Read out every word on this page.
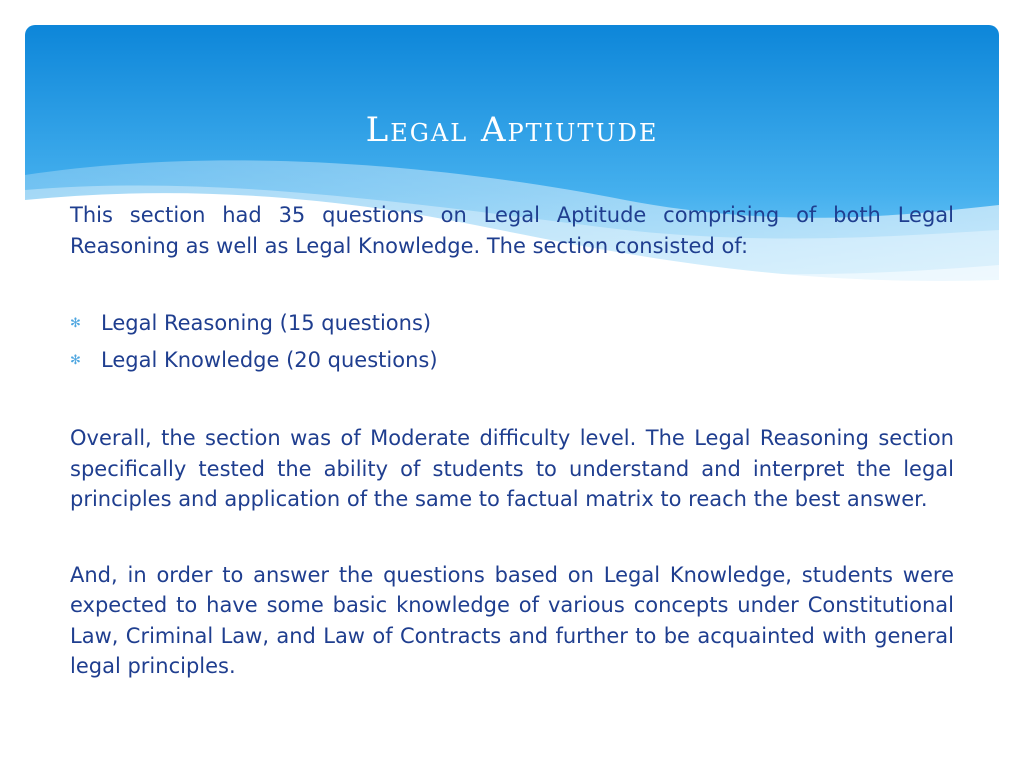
Legal Aptiutude

This section had 35 questions on Legal Aptitude comprising of both Legal Reasoning as well as Legal Knowledge. The section consisted of:

✻ Legal Reasoning (15 questions)
✻ Legal Knowledge (20 questions)

Overall, the section was of Moderate difficulty level. The Legal Reasoning section specifically tested the ability of students to understand and interpret the legal principles and application of the same to factual matrix to reach the best answer.

And, in order to answer the questions based on Legal Knowledge, students were expected to have some basic knowledge of various concepts under Constitutional Law, Criminal Law, and Law of Contracts and further to be acquainted with general legal principles.
